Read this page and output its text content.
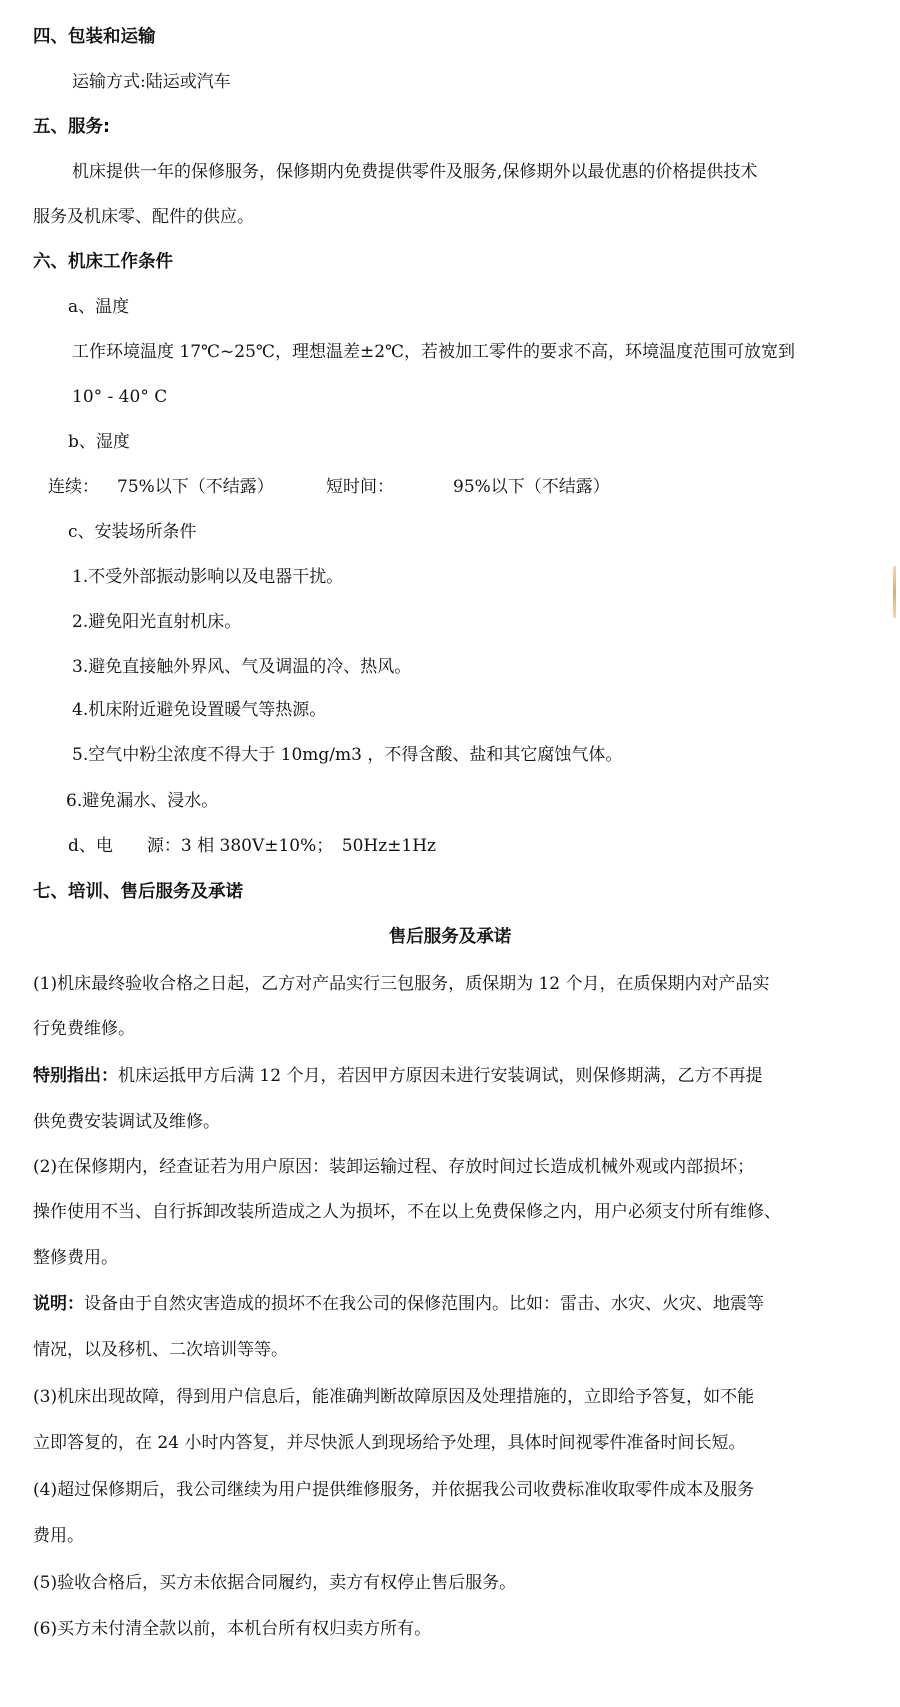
四、包装和运输
运输方式:陆运或汽车
五、服务:
机床提供一年的保修服务，保修期内免费提供零件及服务,保修期外以最优惠的价格提供技术
服务及机床零、配件的供应。
六、机床工作条件
a、温度
工作环境温度 17℃~25℃，理想温差±2℃，若被加工零件的要求不高，环境温度范围可放宽到
10° - 40° C
b、湿度
连续： 75%以下（不结露）	短时间：	95%以下（不结露）
c、安装场所条件
1.不受外部振动影响以及电器干扰。
2.避免阳光直射机床。
3.避免直接触外界风、气及调温的冷、热风。
4.机床附近避免设置暖气等热源。
5.空气中粉尘浓度不得大于 10mg/m3 ，不得含酸、盐和其它腐蚀气体。
6.避免漏水、浸水。
d、电　　源：3 相 380V±10%；　50Hz±1Hz
七、培训、售后服务及承诺
售后服务及承诺
(1)机床最终验收合格之日起，乙方对产品实行三包服务，质保期为 12 个月，在质保期内对产品实
行免费维修。
特别指出：机床运抵甲方后满 12 个月，若因甲方原因未进行安装调试，则保修期满，乙方不再提
供免费安装调试及维修。
(2)在保修期内，经查证若为用户原因：装卸运输过程、存放时间过长造成机械外观或内部损坏；
操作使用不当、自行拆卸改装所造成之人为损坏，不在以上免费保修之内，用户必须支付所有维修、
整修费用。
说明：设备由于自然灾害造成的损坏不在我公司的保修范围内。比如：雷击、水灾、火灾、地震等
情况，以及移机、二次培训等等。
(3)机床出现故障，得到用户信息后，能准确判断故障原因及处理措施的，立即给予答复，如不能
立即答复的，在 24 小时内答复，并尽快派人到现场给予处理，具体时间视零件准备时间长短。
(4)超过保修期后，我公司继续为用户提供维修服务，并依据我公司收费标准收取零件成本及服务
费用。
(5)验收合格后，买方未依据合同履约，卖方有权停止售后服务。
(6)买方未付清全款以前，本机台所有权归卖方所有。
